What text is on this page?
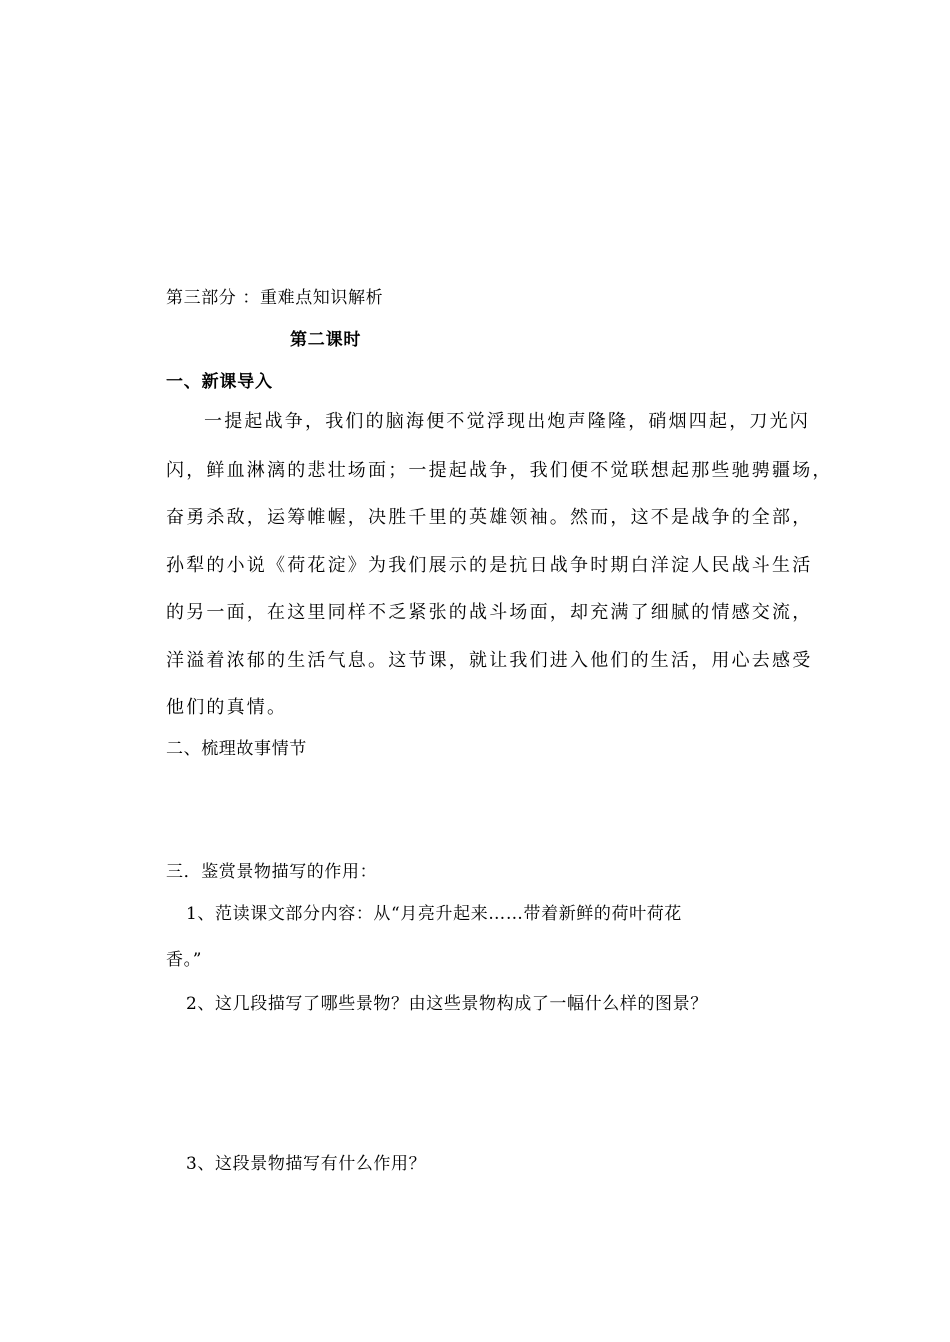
第三部分 ：重难点知识解析
第二课时
一、新课导入
一提起战争，我们的脑海便不觉浮现出炮声隆隆，硝烟四起，刀光闪
闪，鲜血淋漓的悲壮场面；一提起战争，我们便不觉联想起那些驰骋疆场，
奋勇杀敌，运筹帷幄，决胜千里的英雄领袖。然而，这不是战争的全部，
孙犁的小说《荷花淀》为我们展示的是抗日战争时期白洋淀人民战斗生活
的另一面，在这里同样不乏紧张的战斗场面，却充满了细腻的情感交流，
洋溢着浓郁的生活气息。这节课，就让我们进入他们的生活，用心去感受
他们的真情。
二、梳理故事情节
三．鉴赏景物描写的作用：
1、范读课文部分内容：从“月亮升起来……带着新鲜的荷叶荷花
香。”
2、这几段描写了哪些景物？由这些景物构成了一幅什么样的图景？
3、这段景物描写有什么作用？
